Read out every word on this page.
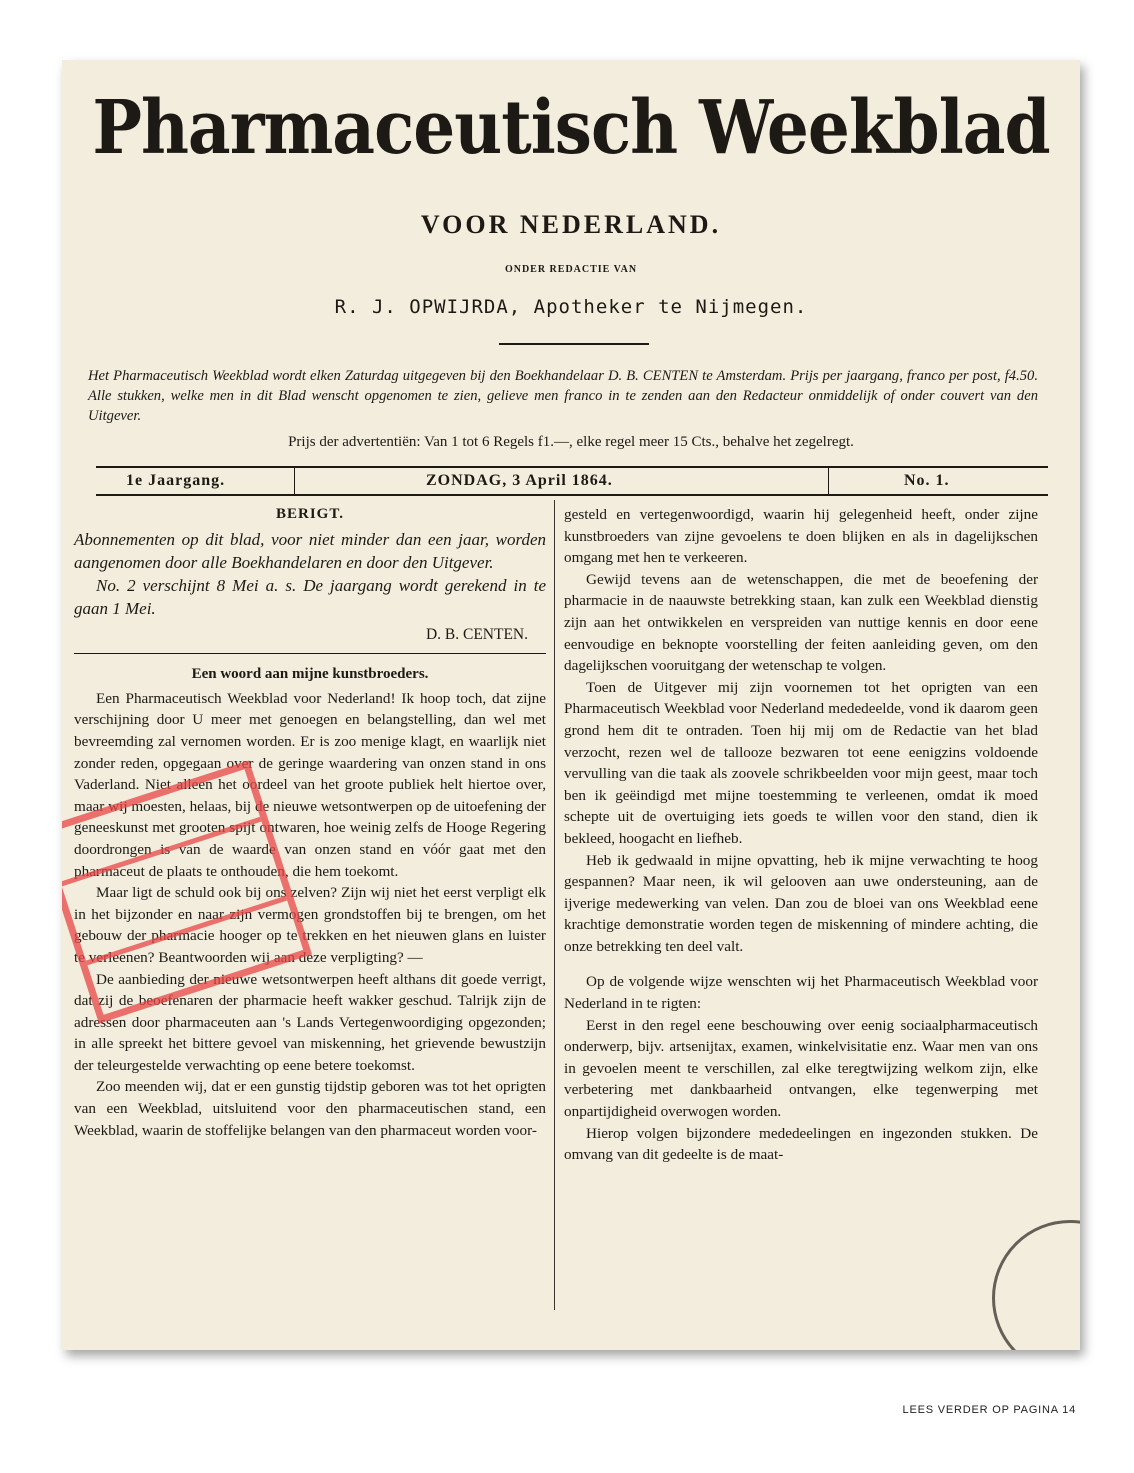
Pharmaceutisch Weekblad
VOOR NEDERLAND.
ONDER REDACTIE VAN
R. J. OPWIJRDA, Apotheker te Nijmegen.
Het Pharmaceutisch Weekblad wordt elken Zaturdag uitgegeven bij den Boekhandelaar D. B. CENTEN te Amsterdam. Prijs per jaargang, franco per post, f4.50. Alle stukken, welke men in dit Blad wenscht opgenomen te zien, gelieve men franco in te zenden aan den Redacteur onmiddelijk of onder couvert van den Uitgever.
Prijs der advertentiën: Van 1 tot 6 Regels f1.—, elke regel meer 15 Cts., behalve het zegelregt.
1e Jaargang.	ZONDAG, 3 April 1864.	No. 1.
BERIGT.

Abonnementen op dit blad, voor niet minder dan een jaar, worden aangenomen door alle Boekhandelaren en door den Uitgever.

No. 2 verschijnt 8 Mei a. s. De jaargang wordt gerekend in te gaan 1 Mei.

D. B. CENTEN.

Een woord aan mijne kunstbroeders.

Een Pharmaceutisch Weekblad voor Nederland! Ik hoop toch, dat zijne verschijning door U meer met genoegen en belangstelling, dan wel met bevreemding zal vernomen worden. Er is zoo menige klagt, en waarlijk niet zonder reden, opgegaan over de geringe waardering van onzen stand in ons Vaderland. Niet alleen het oordeel van het groote publiek helt hiertoe over, maar wij moesten, helaas, bij de nieuwe wetsontwerpen op de uitoefening der geneeskunst met grooten spijt ontwaren, hoe weinig zelfs de Hooge Regering doordrongen is van de waarde van onzen stand en vóór gaat met den pharmaceut de plaats te onthouden, die hem toekomt.

Maar ligt de schuld ook bij ons zelven? Zijn wij niet het eerst verpligt elk in het bijzonder en naar zijn vermogen grondstoffen bij te brengen, om het gebouw der pharmacie hooger op te trekken en het nieuwen glans en luister te verleenen? Beantwoorden wij aan deze verpligting? —

De aanbieding der nieuwe wetsontwerpen heeft althans dit goede verrigt, dat zij de beoefenaren der pharmacie heeft wakker geschud. Talrijk zijn de adressen door pharmaceuten aan 's Lands Vertegenwoordiging opgezonden; in alle spreekt het bittere gevoel van miskenning, het grievende bewustzijn der teleurgestelde verwachting op eene betere toekomst.

Zoo meenden wij, dat er een gunstig tijdstip geboren was tot het oprigten van een Weekblad, uitsluitend voor den pharmaceutischen stand, een Weekblad, waarin de stoffelijke belangen van den pharmaceut worden voor-

gesteld en vertegenwoordigd, waarin hij gelegenheid heeft, onder zijne kunstbroeders van zijne gevoelens te doen blijken en als in dagelijkschen omgang met hen te verkeeren.

Gewijd tevens aan de wetenschappen, die met de beoefening der pharmacie in de naauwste betrekking staan, kan zulk een Weekblad dienstig zijn aan het ontwikkelen en verspreiden van nuttige kennis en door eene eenvoudige en beknopte voorstelling der feiten aanleiding geven, om den dagelijkschen vooruitgang der wetenschap te volgen.

Toen de Uitgever mij zijn voornemen tot het oprigten van een Pharmaceutisch Weekblad voor Nederland mededeelde, vond ik daarom geen grond hem dit te ontraden. Toen hij mij om de Redactie van het blad verzocht, rezen wel de tallooze bezwaren tot eene eenigzins voldoende vervulling van die taak als zoovele schrikbeelden voor mijn geest, maar toch ben ik geëindigd met mijne toestemming te verleenen, omdat ik moed schepte uit de overtuiging iets goeds te willen voor den stand, dien ik bekleed, hoogacht en liefheb.

Heb ik gedwaald in mijne opvatting, heb ik mijne verwachting te hoog gespannen? Maar neen, ik wil gelooven aan uwe ondersteuning, aan de ijverige medewerking van velen. Dan zou de bloei van ons Weekblad eene krachtige demonstratie worden tegen de miskenning of mindere achting, die onze betrekking ten deel valt.

Op de volgende wijze wenschten wij het Pharmaceutisch Weekblad voor Nederland in te rigten:

Eerst in den regel eene beschouwing over eenig sociaalpharmaceutisch onderwerp, bijv. artsenijtax, examen, winkelvisitatie enz. Waar men van ons in gevoelen meent te verschillen, zal elke teregtwijzing welkom zijn, elke verbetering met dankbaarheid ontvangen, elke tegenwerping met onpartijdigheid overwogen worden.

Hierop volgen bijzondere mededeelingen en ingezonden stukken. De omvang van dit gedeelte is de maat-

LEES VERDER OP PAGINA 14
